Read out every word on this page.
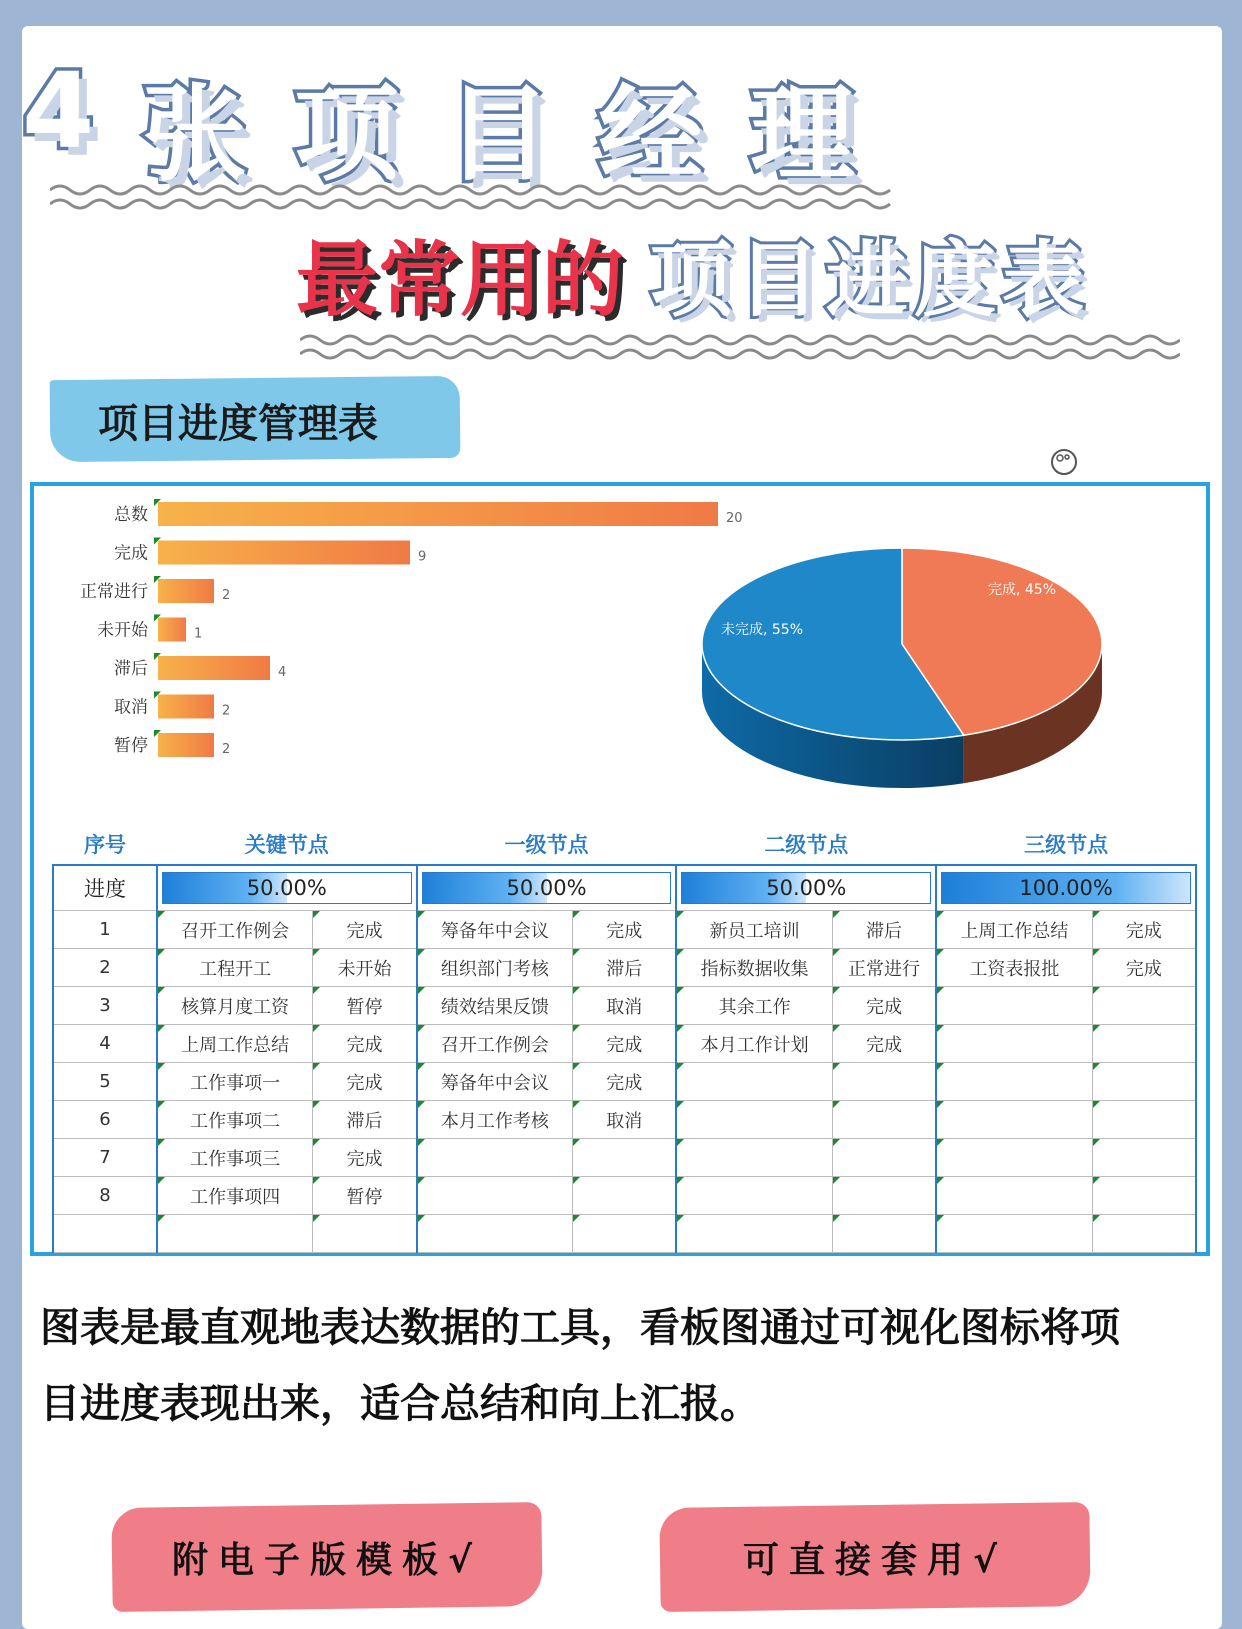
4 张 项 目 经 理
最常用的 项目进度表
项目进度管理表
总数	20
完成	9
正常进行	2
未开始	1
滞后	4
取消	2
暂停	2
完成, 45%
未完成, 55%
序号	关键节点		一级节点		二级节点		三级节点	
进度	50.00%		50.00%		50.00%		100.00%	
1	召开工作例会	完成	筹备年中会议	完成	新员工培训	滞后	上周工作总结	完成
2	工程开工	未开始	组织部门考核	滞后	指标数据收集	正常进行	工资表报批	完成
3	核算月度工资	暂停	绩效结果反馈	取消	其余工作	完成	

4	上周工作总结	完成	召开工作例会	完成	本月工作计划	完成	

5	工作事项一	完成	筹备年中会议	完成	

6	工作事项二	滞后	本月工作考核	取消	

7	工作事项三	完成	

8	工作事项四	暂停	

图表是最直观地表达数据的工具，看板图通过可视化图标将项
目进度表现出来，适合总结和向上汇报。
附电子版模板√	可直接套用√
